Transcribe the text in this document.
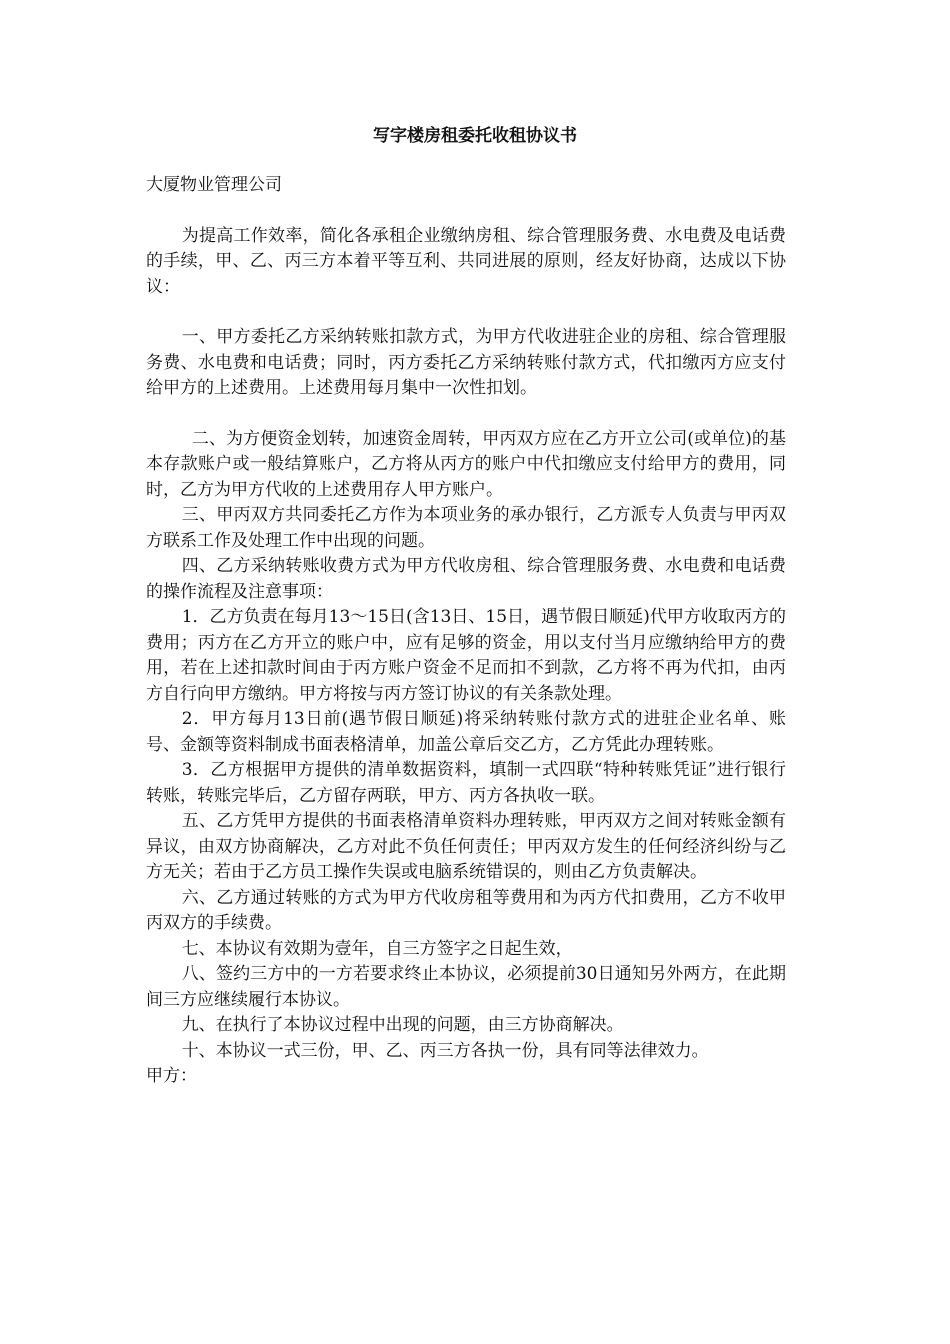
写字楼房租委托收租协议书

大厦物业管理公司

为提高工作效率，简化各承租企业缴纳房租、综合管理服务费、水电费及电话费的手续，甲、乙、丙三方本着平等互利、共同进展的原则，经友好协商，达成以下协议：

一、甲方委托乙方采纳转账扣款方式，为甲方代收进驻企业的房租、综合管理服务费、水电费和电话费；同时，丙方委托乙方采纳转账付款方式，代扣缴丙方应支付给甲方的上述费用。上述费用每月集中一次性扣划。

二、为方便资金划转，加速资金周转，甲丙双方应在乙方开立公司(或单位)的基本存款账户或一般结算账户，乙方将从丙方的账户中代扣缴应支付给甲方的费用，同时，乙方为甲方代收的上述费用存人甲方账户。

三、甲丙双方共同委托乙方作为本项业务的承办银行，乙方派专人负责与甲丙双方联系工作及处理工作中出现的问题。

四、乙方采纳转账收费方式为甲方代收房租、综合管理服务费、水电费和电话费的操作流程及注意事项：

1．乙方负责在每月13～15日(含13日、15日，遇节假日顺延)代甲方收取丙方的费用；丙方在乙方开立的账户中，应有足够的资金，用以支付当月应缴纳给甲方的费用，若在上述扣款时间由于丙方账户资金不足而扣不到款，乙方将不再为代扣，由丙方自行向甲方缴纳。甲方将按与丙方签订协议的有关条款处理。

2．甲方每月13日前(遇节假日顺延)将采纳转账付款方式的进驻企业名单、账号、金额等资料制成书面表格清单，加盖公章后交乙方，乙方凭此办理转账。

3．乙方根据甲方提供的清单数据资料，填制一式四联“特种转账凭证”进行银行转账，转账完毕后，乙方留存两联，甲方、丙方各执收一联。

五、乙方凭甲方提供的书面表格清单资料办理转账，甲丙双方之间对转账金额有异议，由双方协商解决，乙方对此不负任何责任；甲丙双方发生的任何经济纠纷与乙方无关；若由于乙方员工操作失误或电脑系统错误的，则由乙方负责解决。

六、乙方通过转账的方式为甲方代收房租等费用和为丙方代扣费用，乙方不收甲丙双方的手续费。

七、本协议有效期为壹年，自三方签字之日起生效，

八、签约三方中的一方若要求终止本协议，必须提前30日通知另外两方，在此期间三方应继续履行本协议。

九、在执行了本协议过程中出现的问题，由三方协商解决。

十、本协议一式三份，甲、乙、丙三方各执一份，具有同等法律效力。

甲方：
